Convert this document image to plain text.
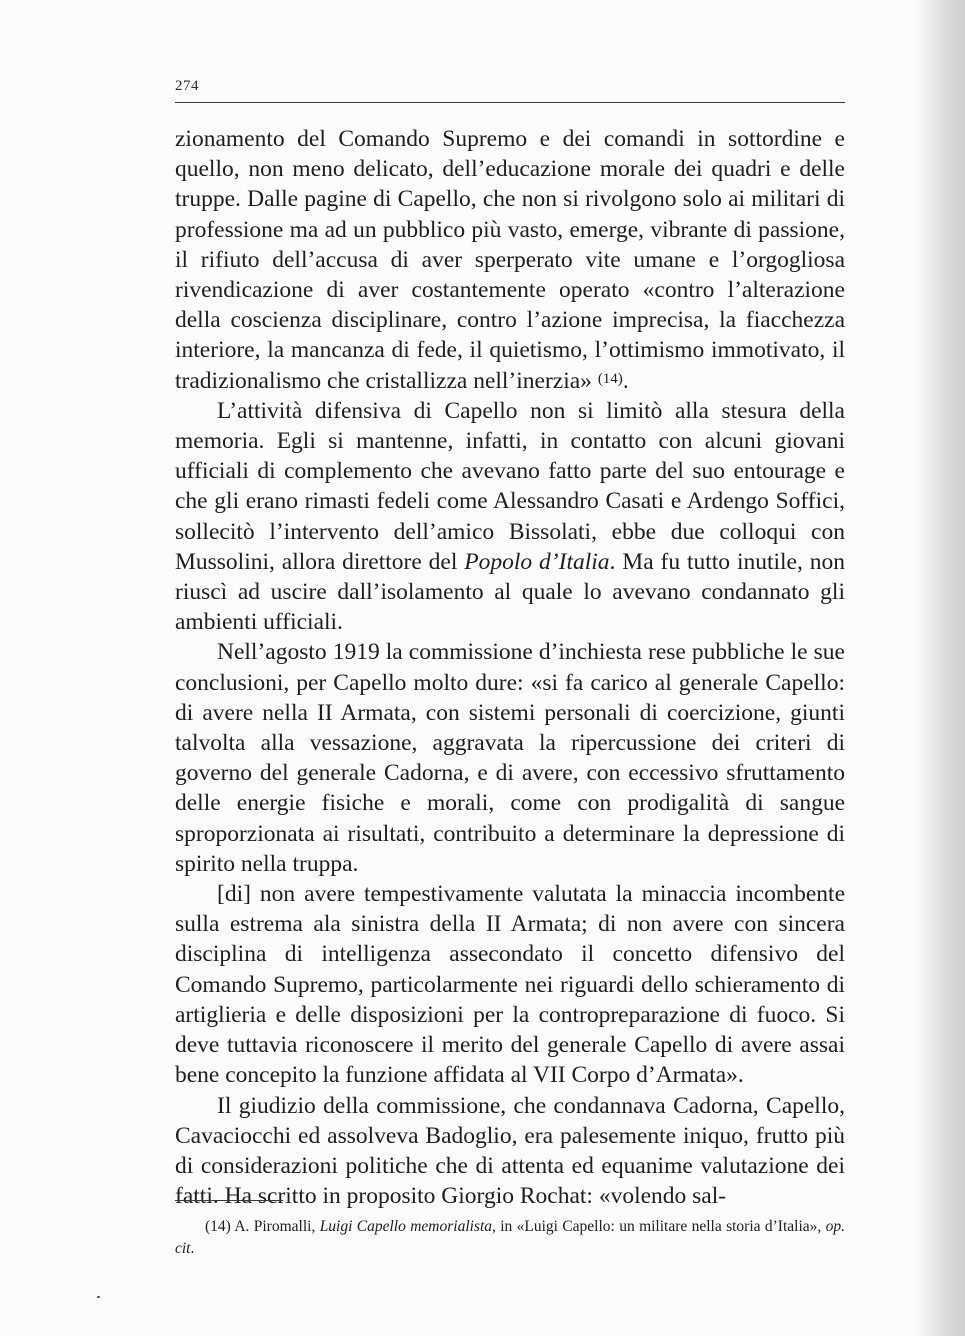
274

zionamento del Comando Supremo e dei comandi in sottordine e quello, non meno delicato, dell’educazione morale dei quadri e delle truppe. Dalle pagine di Capello, che non si rivolgono solo ai militari di professione ma ad un pubblico più vasto, emerge, vibrante di passione, il rifiuto dell’accusa di aver sperperato vite umane e l’orgogliosa rivendicazione di aver costantemente operato «contro l’alterazione della coscienza disciplinare, contro l’azione imprecisa, la fiacchezza interiore, la mancanza di fede, il quietismo, l’ottimismo immotivato, il tradizionalismo che cristallizza nell’inerzia» $^{(14)}$.

L’attività difensiva di Capello non si limitò alla stesura della memoria. Egli si mantenne, infatti, in contatto con alcuni giovani ufficiali di complemento che avevano fatto parte del suo entourage e che gli erano rimasti fedeli come Alessandro Casati e Ardengo Soffici, sollecitò l’intervento dell’amico Bissolati, ebbe due colloqui con Mussolini, allora direttore del Popolo d’Italia. Ma fu tutto inutile, non riuscì ad uscire dall’isolamento al quale lo avevano condannato gli ambienti ufficiali.

Nell’agosto 1919 la commissione d’inchiesta rese pubbliche le sue conclusioni, per Capello molto dure: «si fa carico al generale Capello: di avere nella II Armata, con sistemi personali di coercizione, giunti talvolta alla vessazione, aggravata la ripercussione dei criteri di governo del generale Cadorna, e di avere, con eccessivo sfruttamento delle energie fisiche e morali, come con prodigalità di sangue sproporzionata ai risultati, contribuito a determinare la depressione di spirito nella truppa.

[di] non avere tempestivamente valutata la minaccia incombente sulla estrema ala sinistra della II Armata; di non avere con sincera disciplina di intelligenza assecondato il concetto difensivo del Comando Supremo, particolarmente nei riguardi dello schieramento di artiglieria e delle disposizioni per la contropreparazione di fuoco. Si deve tuttavia riconoscere il merito del generale Capello di avere assai bene concepito la funzione affidata al VII Corpo d’Armata».

Il giudizio della commissione, che condannava Cadorna, Capello, Cavaciocchi ed assolveva Badoglio, era palesemente iniquo, frutto più di considerazioni politiche che di attenta ed equanime valutazione dei fatti. Ha scritto in proposito Giorgio Rochat: «volendo sal-

(14) A. Piromalli, Luigi Capello memorialista, in «Luigi Capello: un militare nella storia d’Italia», op. cit.
